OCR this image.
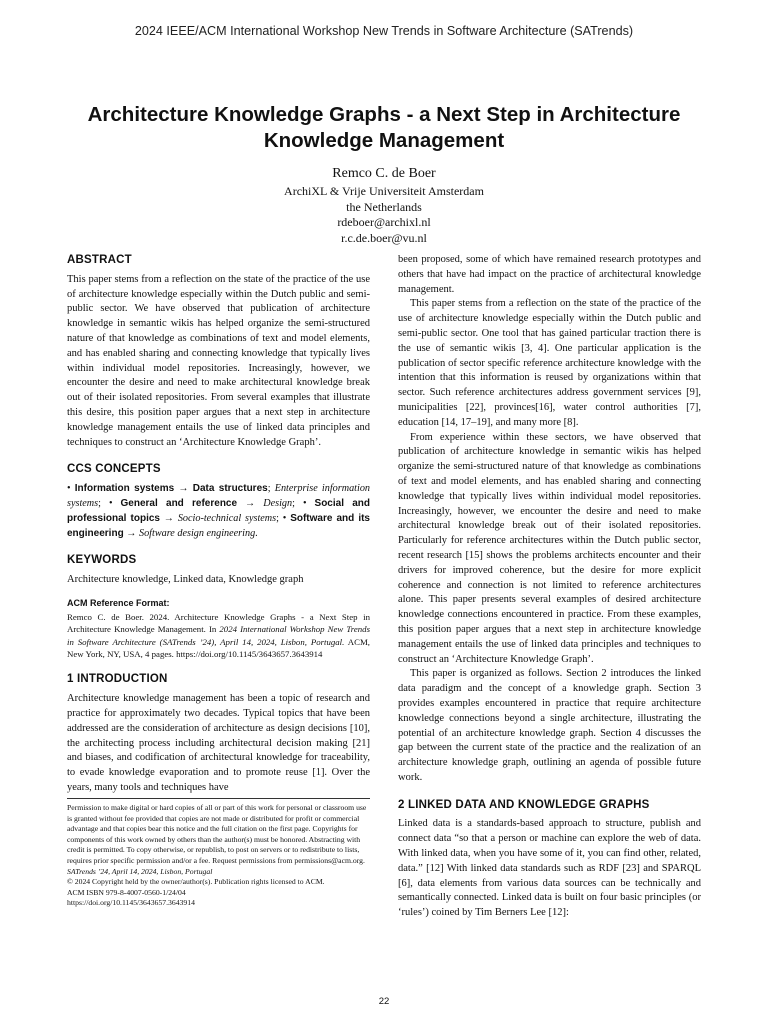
2024 IEEE/ACM International Workshop New Trends in Software Architecture (SATrends)
Architecture Knowledge Graphs - a Next Step in Architecture Knowledge Management
Remco C. de Boer
ArchiXL & Vrije Universiteit Amsterdam
the Netherlands
rdeboer@archixl.nl
r.c.de.boer@vu.nl
ABSTRACT

This paper stems from a reflection on the state of the practice of the use of architecture knowledge especially within the Dutch public and semi-public sector. We have observed that publication of architecture knowledge in semantic wikis has helped organize the semi-structured nature of that knowledge as combinations of text and model elements, and has enabled sharing and connecting knowledge that typically lives within individual model repositories. Increasingly, however, we encounter the desire and need to make architectural knowledge break out of their isolated repositories. From several examples that illustrate this desire, this position paper argues that a next step in architecture knowledge management entails the use of linked data principles and techniques to construct an ‘Architecture Knowledge Graph’.

CCS CONCEPTS

• Information systems → Data structures; Enterprise information systems; • General and reference → Design; • Social and professional topics → Socio-technical systems; • Software and its engineering → Software design engineering.

KEYWORDS

Architecture knowledge, Linked data, Knowledge graph

ACM Reference Format:

Remco C. de Boer. 2024. Architecture Knowledge Graphs - a Next Step in Architecture Knowledge Management. In 2024 International Workshop New Trends in Software Architecture (SATrends ’24), April 14, 2024, Lisbon, Portugal. ACM, New York, NY, USA, 4 pages. https://doi.org/10.1145/3643657.3643914

1 INTRODUCTION

Architecture knowledge management has been a topic of research and practice for approximately two decades. Typical topics that have been addressed are the consideration of architecture as design decisions [10], the architecting process including architectural decision making [21] and biases, and codification of architectural knowledge for traceability, to evade knowledge evaporation and to promote reuse [1]. Over the years, many tools and techniques have

Permission to make digital or hard copies of all or part of this work for personal or classroom use is granted without fee provided that copies are not made or distributed for profit or commercial advantage and that copies bear this notice and the full citation on the first page. Copyrights for components of this work owned by others than the author(s) must be honored. Abstracting with credit is permitted. To copy otherwise, or republish, to post on servers or to redistribute to lists, requires prior specific permission and/or a fee. Request permissions from permissions@acm.org.
SATrends ’24, April 14, 2024, Lisbon, Portugal
© 2024 Copyright held by the owner/author(s). Publication rights licensed to ACM.
ACM ISBN 979-8-4007-0560-1/24/04
https://doi.org/10.1145/3643657.3643914

been proposed, some of which have remained research prototypes and others that have had impact on the practice of architectural knowledge management.

This paper stems from a reflection on the state of the practice of the use of architecture knowledge especially within the Dutch public and semi-public sector. One tool that has gained particular traction there is the use of semantic wikis [3, 4]. One particular application is the publication of sector specific reference architecture knowledge with the intention that this information is reused by organizations within that sector. Such reference architectures address government services [9], municipalities [22], provinces[16], water control authorities [7], education [14, 17–19], and many more [8].

From experience within these sectors, we have observed that publication of architecture knowledge in semantic wikis has helped organize the semi-structured nature of that knowledge as combinations of text and model elements, and has enabled sharing and connecting knowledge that typically lives within individual model repositories. Increasingly, however, we encounter the desire and need to make architectural knowledge break out of their isolated repositories. Particularly for reference architectures within the Dutch public sector, recent research [15] shows the problems architects encounter and their drivers for improved coherence, but the desire for more explicit coherence and connection is not limited to reference architectures alone. This paper presents several examples of desired architecture knowledge connections encountered in practice. From these examples, this position paper argues that a next step in architecture knowledge management entails the use of linked data principles and techniques to construct an ‘Architecture Knowledge Graph’.

This paper is organized as follows. Section 2 introduces the linked data paradigm and the concept of a knowledge graph. Section 3 provides examples encountered in practice that require architecture knowledge connections beyond a single architecture, illustrating the potential of an architecture knowledge graph. Section 4 discusses the gap between the current state of the practice and the realization of an architecture knowledge graph, outlining an agenda of possible future work.

2 LINKED DATA AND KNOWLEDGE GRAPHS

Linked data is a standards-based approach to structure, publish and connect data “so that a person or machine can explore the web of data. With linked data, when you have some of it, you can find other, related, data.” [12] With linked data standards such as RDF [23] and SPARQL [6], data elements from various data sources can be technically and semantically connected. Linked data is built on four basic principles (or ‘rules’) coined by Tim Berners Lee [12]:

22
